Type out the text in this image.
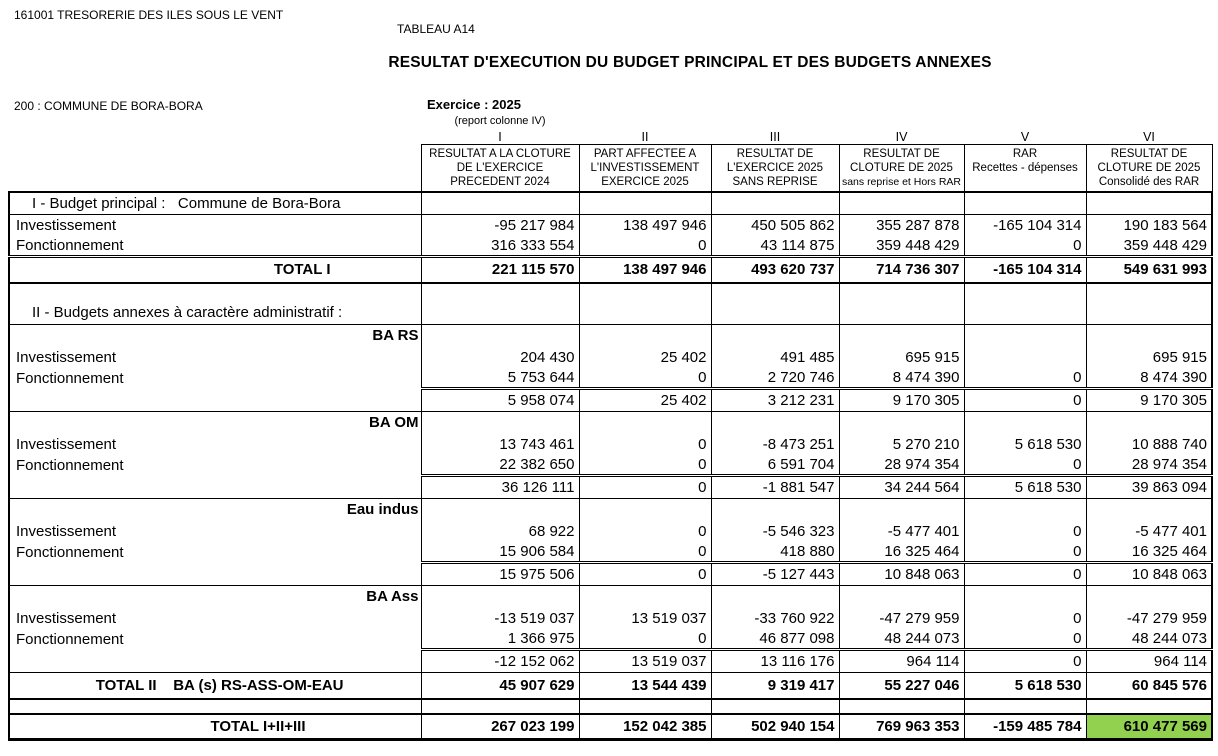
161001 TRESORERIE DES ILES SOUS LE VENT
TABLEAU A14
RESULTAT D'EXECUTION DU BUDGET PRINCIPAL ET DES BUDGETS ANNEXES
200 : COMMUNE DE BORA-BORA	Exercice : 2025
(report colonne IV)
	I	II	III	IV	V	VI

RESULTAT A LA CLOTURE
DE L'EXERCICE
PRECEDENT 2024

PART AFFECTEE A
L'INVESTISSEMENT
EXERCICE 2025

RESULTAT DE
L'EXERCICE 2025
SANS REPRISE

RESULTAT DE
CLOTURE DE 2025
sans reprise et Hors RAR

RAR
Recettes - dépenses

RESULTAT DE
CLOTURE DE 2025
Consolidé des RAR

I - Budget principal :   Commune de Bora-Bora						
Investissement	-95 217 984	138 497 946	450 505 862	355 287 878	-165 104 314	190 183 564
Fonctionnement	316 333 554	0	43 114 875	359 448 429	0	359 448 429
TOTAL I	221 115 570	138 497 946	493 620 737	714 736 307	-165 104 314	549 631 993
II - Budgets annexes à caractère administratif :						
BA RS						
Investissement	204 430	25 402	491 485	695 915		695 915
Fonctionnement	5 753 644	0	2 720 746	8 474 390	0	8 474 390
	5 958 074	25 402	3 212 231	9 170 305	0	9 170 305
BA OM						
Investissement	13 743 461	0	-8 473 251	5 270 210	5 618 530	10 888 740
Fonctionnement	22 382 650	0	6 591 704	28 974 354	0	28 974 354
	36 126 111	0	-1 881 547	34 244 564	5 618 530	39 863 094
Eau indus						
Investissement	68 922	0	-5 546 323	-5 477 401	0	-5 477 401
Fonctionnement	15 906 584	0	418 880	16 325 464	0	16 325 464
	15 975 506	0	-5 127 443	10 848 063	0	10 848 063
BA Ass						
Investissement	-13 519 037	13 519 037	-33 760 922	-47 279 959	0	-47 279 959
Fonctionnement	1 366 975	0	46 877 098	48 244 073	0	48 244 073
	-12 152 062	13 519 037	13 116 176	964 114	0	964 114
TOTAL II    BA (s) RS-ASS-OM-EAU	45 907 629	13 544 439	9 319 417	55 227 046	5 618 530	60 845 576

TOTAL I+II+III	267 023 199	152 042 385	502 940 154	769 963 353	-159 485 784	610 477 569
